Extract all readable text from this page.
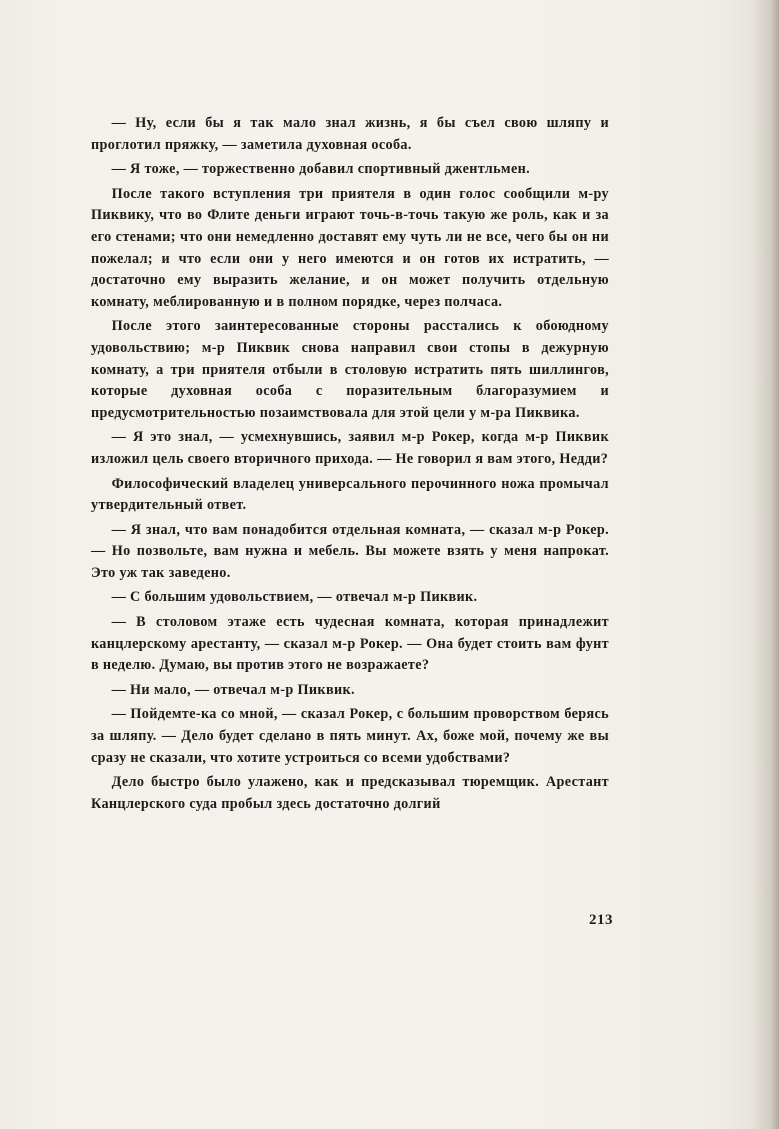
— Ну, если бы я так мало знал жизнь, я бы съел свою шляпу и проглотил пряжку, — заметила духовная особа.

— Я тоже, — торжественно добавил спортивный джентльмен.

После такого вступления три приятеля в один голос сообщили м-ру Пиквику, что во Флите деньги играют точь-в-точь такую же роль, как и за его стенами; что они немедленно доставят ему чуть ли не все, чего бы он ни пожелал; и что если они у него имеются и он готов их истратить, — достаточно ему выразить желание, и он может получить отдельную комнату, меблированную и в полном порядке, через полчаса.

После этого заинтересованные стороны расстались к обоюдному удовольствию; м-р Пиквик снова направил свои стопы в дежурную комнату, а три приятеля отбыли в столовую истратить пять шиллингов, которые духовная особа с поразительным благоразумием и предусмотрительностью позаимствовала для этой цели у м-ра Пиквика.

— Я это знал, — усмехнувшись, заявил м-р Рокер, когда м-р Пиквик изложил цель своего вторичного прихода. — Не говорил я вам этого, Недди?

Философический владелец универсального перочинного ножа промычал утвердительный ответ.

— Я знал, что вам понадобится отдельная комната, — сказал м-р Рокер. — Но позвольте, вам нужна и мебель. Вы можете взять у меня напрокат. Это уж так заведено.

— С большим удовольствием, — отвечал м-р Пиквик.

— В столовом этаже есть чудесная комната, которая принадлежит канцлерскому арестанту, — сказал м-р Рокер. — Она будет стоить вам фунт в неделю. Думаю, вы против этого не возражаете?

— Ни мало, — отвечал м-р Пиквик.

— Пойдемте-ка со мной, — сказал Рокер, с большим проворством берясь за шляпу. — Дело будет сделано в пять минут. Ах, боже мой, почему же вы сразу не сказали, что хотите устроиться со всеми удобствами?

Дело быстро было улажено, как и предсказывал тюремщик. Арестант Канцлерского суда пробыл здесь достаточно долгий

213
